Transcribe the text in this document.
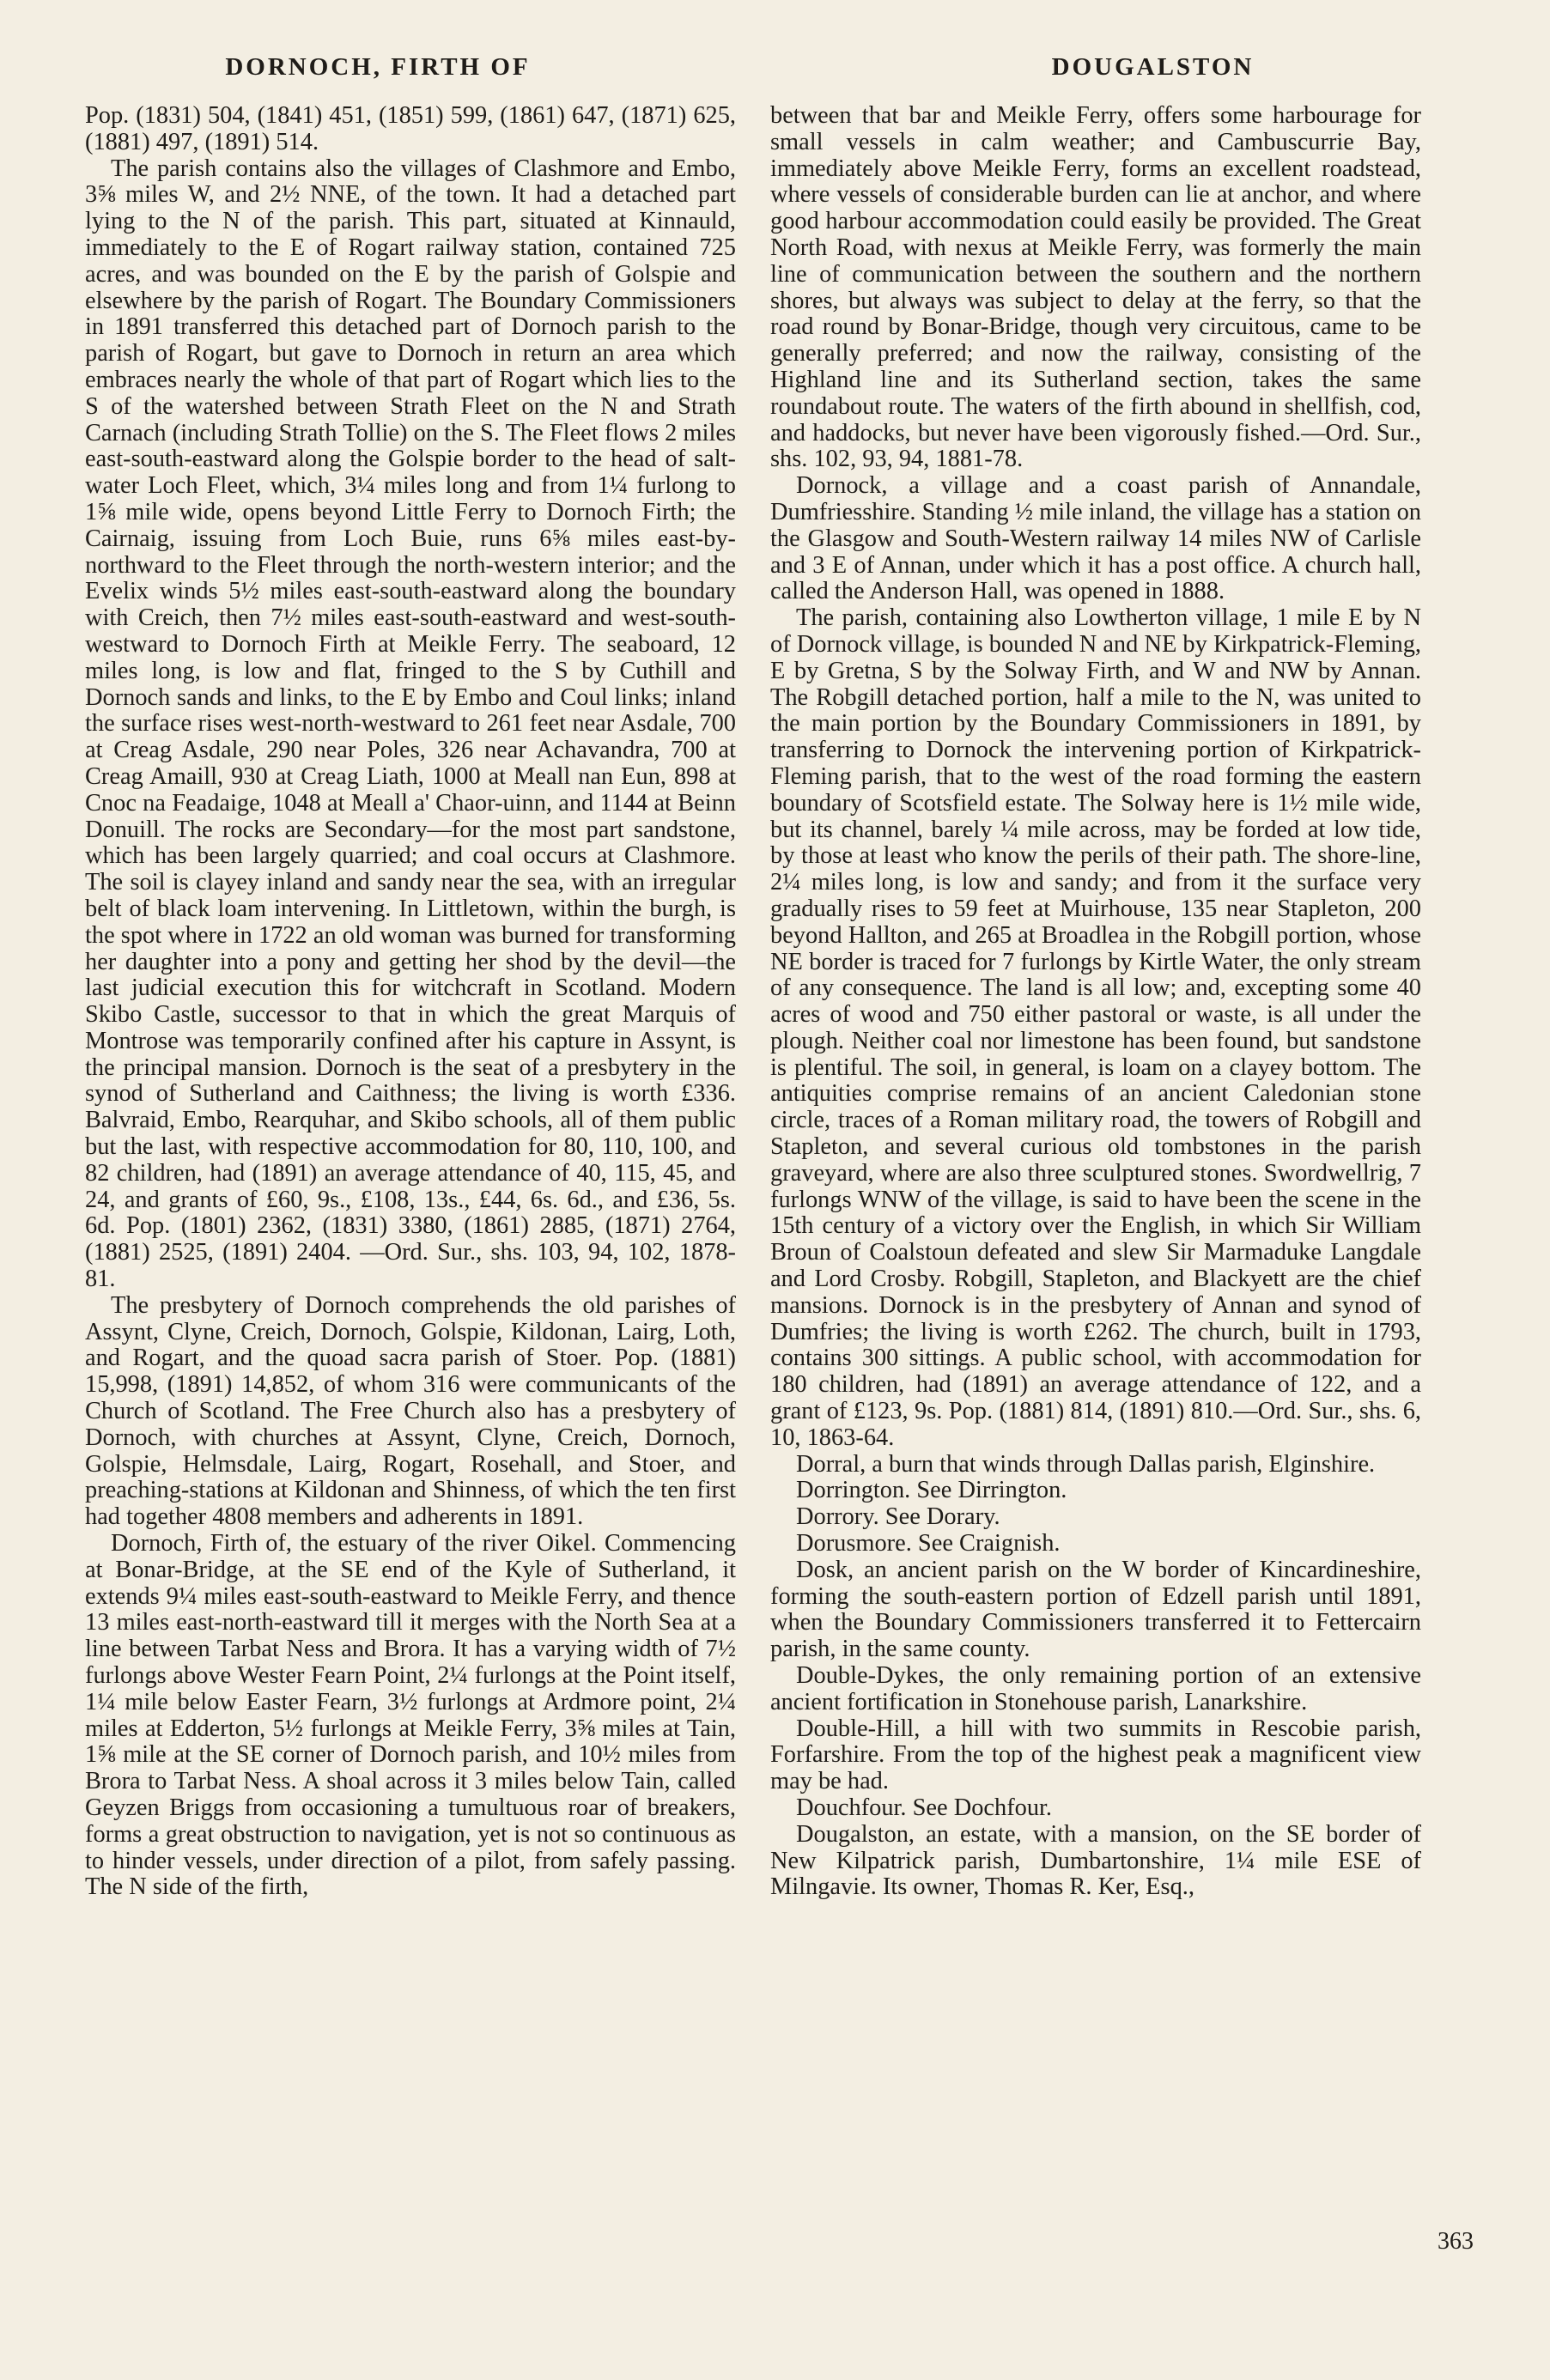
DORNOCH, FIRTH OF	DOUGALSTON

Pop. (1831) 504, (1841) 451, (1851) 599, (1861) 647, (1871) 625, (1881) 497, (1891) 514.

The parish contains also the villages of Clashmore and Embo, 3⅝ miles W, and 2½ NNE, of the town. It had a detached part lying to the N of the parish. This part, situated at Kinnauld, immediately to the E of Rogart railway station, contained 725 acres, and was bounded on the E by the parish of Golspie and elsewhere by the parish of Rogart. The Boundary Commissioners in 1891 transferred this detached part of Dornoch parish to the parish of Rogart, but gave to Dornoch in return an area which embraces nearly the whole of that part of Rogart which lies to the S of the watershed between Strath Fleet on the N and Strath Carnach (including Strath Tollie) on the S. The Fleet flows 2 miles east-south-eastward along the Golspie border to the head of salt-water Loch Fleet, which, 3¼ miles long and from 1¼ furlong to 1⅝ mile wide, opens beyond Little Ferry to Dornoch Firth; the Cairnaig, issuing from Loch Buie, runs 6⅝ miles east-by-northward to the Fleet through the north-western interior; and the Evelix winds 5½ miles east-south-eastward along the boundary with Creich, then 7½ miles east-south-eastward and west-south-westward to Dornoch Firth at Meikle Ferry. The seaboard, 12 miles long, is low and flat, fringed to the S by Cuthill and Dornoch sands and links, to the E by Embo and Coul links; inland the surface rises west-north-westward to 261 feet near Asdale, 700 at Creag Asdale, 290 near Poles, 326 near Achavandra, 700 at Creag Amaill, 930 at Creag Liath, 1000 at Meall nan Eun, 898 at Cnoc na Feadaige, 1048 at Meall a' Chaor-uinn, and 1144 at Beinn Donuill. The rocks are Secondary—for the most part sandstone, which has been largely quarried; and coal occurs at Clashmore. The soil is clayey inland and sandy near the sea, with an irregular belt of black loam intervening. In Littletown, within the burgh, is the spot where in 1722 an old woman was burned for transforming her daughter into a pony and getting her shod by the devil—the last judicial execution this for witchcraft in Scotland. Modern Skibo Castle, successor to that in which the great Marquis of Montrose was temporarily confined after his capture in Assynt, is the principal mansion. Dornoch is the seat of a presbytery in the synod of Sutherland and Caithness; the living is worth £336. Balvraid, Embo, Rearquhar, and Skibo schools, all of them public but the last, with respective accommodation for 80, 110, 100, and 82 children, had (1891) an average attendance of 40, 115, 45, and 24, and grants of £60, 9s., £108, 13s., £44, 6s. 6d., and £36, 5s. 6d. Pop. (1801) 2362, (1831) 3380, (1861) 2885, (1871) 2764, (1881) 2525, (1891) 2404. —Ord. Sur., shs. 103, 94, 102, 1878-81.

The presbytery of Dornoch comprehends the old parishes of Assynt, Clyne, Creich, Dornoch, Golspie, Kildonan, Lairg, Loth, and Rogart, and the quoad sacra parish of Stoer. Pop. (1881) 15,998, (1891) 14,852, of whom 316 were communicants of the Church of Scotland. The Free Church also has a presbytery of Dornoch, with churches at Assynt, Clyne, Creich, Dornoch, Golspie, Helmsdale, Lairg, Rogart, Rosehall, and Stoer, and preaching-stations at Kildonan and Shinness, of which the ten first had together 4808 members and adherents in 1891.

Dornoch, Firth of, the estuary of the river Oikel. Commencing at Bonar-Bridge, at the SE end of the Kyle of Sutherland, it extends 9¼ miles east-south-eastward to Meikle Ferry, and thence 13 miles east-north-eastward till it merges with the North Sea at a line between Tarbat Ness and Brora. It has a varying width of 7½ furlongs above Wester Fearn Point, 2¼ furlongs at the Point itself, 1¼ mile below Easter Fearn, 3½ furlongs at Ardmore point, 2¼ miles at Edderton, 5½ furlongs at Meikle Ferry, 3⅝ miles at Tain, 1⅝ mile at the SE corner of Dornoch parish, and 10½ miles from Brora to Tarbat Ness. A shoal across it 3 miles below Tain, called Geyzen Briggs from occasioning a tumultuous roar of breakers, forms a great obstruction to navigation, yet is not so continuous as to hinder vessels, under direction of a pilot, from safely passing. The N side of the firth,

between that bar and Meikle Ferry, offers some harbourage for small vessels in calm weather; and Cambuscurrie Bay, immediately above Meikle Ferry, forms an excellent roadstead, where vessels of considerable burden can lie at anchor, and where good harbour accommodation could easily be provided. The Great North Road, with nexus at Meikle Ferry, was formerly the main line of communication between the southern and the northern shores, but always was subject to delay at the ferry, so that the road round by Bonar-Bridge, though very circuitous, came to be generally preferred; and now the railway, consisting of the Highland line and its Sutherland section, takes the same roundabout route. The waters of the firth abound in shellfish, cod, and haddocks, but never have been vigorously fished.—Ord. Sur., shs. 102, 93, 94, 1881-78.

Dornock, a village and a coast parish of Annandale, Dumfriesshire. Standing ½ mile inland, the village has a station on the Glasgow and South-Western railway 14 miles NW of Carlisle and 3 E of Annan, under which it has a post office. A church hall, called the Anderson Hall, was opened in 1888.

The parish, containing also Lowtherton village, 1 mile E by N of Dornock village, is bounded N and NE by Kirkpatrick-Fleming, E by Gretna, S by the Solway Firth, and W and NW by Annan. The Robgill detached portion, half a mile to the N, was united to the main portion by the Boundary Commissioners in 1891, by transferring to Dornock the intervening portion of Kirkpatrick-Fleming parish, that to the west of the road forming the eastern boundary of Scotsfield estate. The Solway here is 1½ mile wide, but its channel, barely ¼ mile across, may be forded at low tide, by those at least who know the perils of their path. The shore-line, 2¼ miles long, is low and sandy; and from it the surface very gradually rises to 59 feet at Muirhouse, 135 near Stapleton, 200 beyond Hallton, and 265 at Broadlea in the Robgill portion, whose NE border is traced for 7 furlongs by Kirtle Water, the only stream of any consequence. The land is all low; and, excepting some 40 acres of wood and 750 either pastoral or waste, is all under the plough. Neither coal nor limestone has been found, but sandstone is plentiful. The soil, in general, is loam on a clayey bottom. The antiquities comprise remains of an ancient Caledonian stone circle, traces of a Roman military road, the towers of Robgill and Stapleton, and several curious old tombstones in the parish graveyard, where are also three sculptured stones. Swordwellrig, 7 furlongs WNW of the village, is said to have been the scene in the 15th century of a victory over the English, in which Sir William Broun of Coalstoun defeated and slew Sir Marmaduke Langdale and Lord Crosby. Robgill, Stapleton, and Blackyett are the chief mansions. Dornock is in the presbytery of Annan and synod of Dumfries; the living is worth £262. The church, built in 1793, contains 300 sittings. A public school, with accommodation for 180 children, had (1891) an average attendance of 122, and a grant of £123, 9s. Pop. (1881) 814, (1891) 810.—Ord. Sur., shs. 6, 10, 1863-64.

Dorral, a burn that winds through Dallas parish, Elginshire.

Dorrington. See Dirrington.

Dorrory. See Dorary.

Dorusmore. See Craignish.

Dosk, an ancient parish on the W border of Kincardineshire, forming the south-eastern portion of Edzell parish until 1891, when the Boundary Commissioners transferred it to Fettercairn parish, in the same county.

Double-Dykes, the only remaining portion of an extensive ancient fortification in Stonehouse parish, Lanarkshire.

Double-Hill, a hill with two summits in Rescobie parish, Forfarshire. From the top of the highest peak a magnificent view may be had.

Douchfour. See Dochfour.

Dougalston, an estate, with a mansion, on the SE border of New Kilpatrick parish, Dumbartonshire, 1¼ mile ESE of Milngavie. Its owner, Thomas R. Ker, Esq.,

363
